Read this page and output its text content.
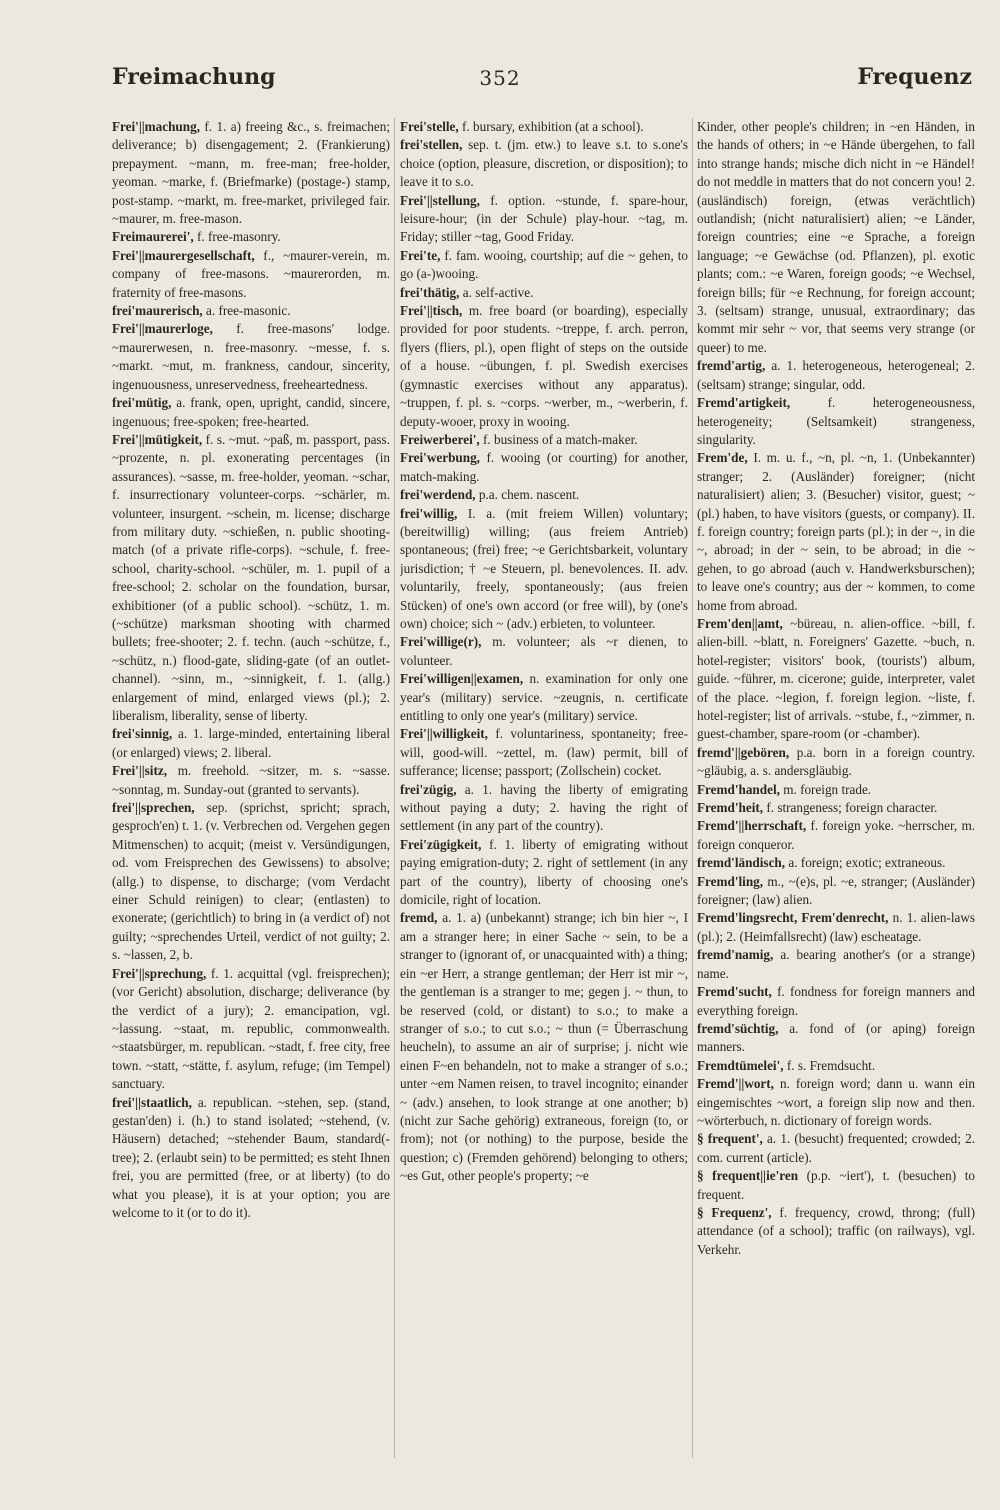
Freimachung	352	Frequenz

Frei'||machung, f. 1. a) freeing &c., s. freimachen; deliverance; b) disengagement; 2. (Frankierung) prepayment. ~mann, m. free-man; free-holder, yeoman. ~marke, f. (Briefmarke) (postage-) stamp, post-stamp. ~markt, m. free-market, privileged fair. ~maurer, m. free-mason.

Freimaurerei', f. free-masonry.

Frei'||maurergesellschaft, f., ~maurer-verein, m. company of free-masons. ~maurerorden, m. fraternity of free-masons.

frei'maurerisch, a. free-masonic.

Frei'||maurerloge, f. free-masons' lodge. ~maurerwesen, n. free-masonry. ~messe, f. s. ~markt. ~mut, m. frankness, candour, sincerity, ingenuousness, unreservedness, freeheartedness.

frei'mütig, a. frank, open, upright, candid, sincere, ingenuous; free-spoken; free-hearted.

Frei'||mütigkeit, f. s. ~mut. ~paß, m. passport, pass. ~prozente, n. pl. exonerating percentages (in assurances). ~sasse, m. free-holder, yeoman. ~schar, f. insurrectionary volunteer-corps. ~schärler, m. volunteer, insurgent. ~schein, m. license; discharge from military duty. ~schießen, n. public shooting-match (of a private rifle-corps). ~schule, f. free-school, charity-school. ~schüler, m. 1. pupil of a free-school; 2. scholar on the foundation, bursar, exhibitioner (of a public school). ~schütz, 1. m. (~schütze) marksman shooting with charmed bullets; free-shooter; 2. f. techn. (auch ~schütze, f., ~schütz, n.) flood-gate, sliding-gate (of an outlet-channel). ~sinn, m., ~sinnigkeit, f. 1. (allg.) enlargement of mind, enlarged views (pl.); 2. liberalism, liberality, sense of liberty.

frei'sinnig, a. 1. large-minded, entertaining liberal (or enlarged) views; 2. liberal.

Frei'||sitz, m. freehold. ~sitzer, m. s. ~sasse. ~sonntag, m. Sunday-out (granted to servants).

frei'||sprechen, sep. (sprichst, spricht; sprach, gesproch'en) t. 1. (v. Verbrechen od. Vergehen gegen Mitmenschen) to acquit; (meist v. Versündigungen, od. vom Freisprechen des Gewissens) to absolve; (allg.) to dispense, to discharge; (vom Verdacht einer Schuld reinigen) to clear; (entlasten) to exonerate; (gerichtlich) to bring in (a verdict of) not guilty; ~sprechendes Urteil, verdict of not guilty; 2. s. ~lassen, 2, b.

Frei'||sprechung, f. 1. acquittal (vgl. freisprechen); (vor Gericht) absolution, discharge; deliverance (by the verdict of a jury); 2. emancipation, vgl. ~lassung. ~staat, m. republic, commonwealth. ~staatsbürger, m. republican. ~stadt, f. free city, free town. ~statt, ~stätte, f. asylum, refuge; (im Tempel) sanctuary.

frei'||staatlich, a. republican. ~stehen, sep. (stand, gestan'den) i. (h.) to stand isolated; ~stehend, (v. Häusern) detached; ~stehender Baum, standard(-tree); 2. (erlaubt sein) to be permitted; es steht Ihnen frei, you are permitted (free, or at liberty) (to do what you please), it is at your option; you are welcome to it (or to do it).

Frei'stelle, f. bursary, exhibition (at a school).

frei'stellen, sep. t. (jm. etw.) to leave s.t. to s.one's choice (option, pleasure, discretion, or disposition); to leave it to s.o.

Frei'||stellung, f. option. ~stunde, f. spare-hour, leisure-hour; (in der Schule) play-hour. ~tag, m. Friday; stiller ~tag, Good Friday.

Frei'te, f. fam. wooing, courtship; auf die ~ gehen, to go (a-)wooing.

frei'thätig, a. self-active.

Frei'||tisch, m. free board (or boarding), especially provided for poor students. ~treppe, f. arch. perron, flyers (fliers, pl.), open flight of steps on the outside of a house. ~übungen, f. pl. Swedish exercises (gymnastic exercises without any apparatus). ~truppen, f. pl. s. ~corps. ~werber, m., ~werberin, f. deputy-wooer, proxy in wooing.

Freiwerberei', f. business of a match-maker.

Frei'werbung, f. wooing (or courting) for another, match-making.

frei'werdend, p.a. chem. nascent.

frei'willig, I. a. (mit freiem Willen) voluntary; (bereitwillig) willing; (aus freiem Antrieb) spontaneous; (frei) free; ~e Gerichtsbarkeit, voluntary jurisdiction; † ~e Steuern, pl. benevolences. II. adv. voluntarily, freely, spontaneously; (aus freien Stücken) of one's own accord (or free will), by (one's own) choice; sich ~ (adv.) erbieten, to volunteer.

Frei'willige(r), m. volunteer; als ~r dienen, to volunteer.

Frei'willigen||examen, n. examination for only one year's (military) service. ~zeugnis, n. certificate entitling to only one year's (military) service.

Frei'||willigkeit, f. voluntariness, spontaneity; free-will, good-will. ~zettel, m. (law) permit, bill of sufferance; license; passport; (Zollschein) cocket.

frei'zügig, a. 1. having the liberty of emigrating without paying a duty; 2. having the right of settlement (in any part of the country).

Frei'zügigkeit, f. 1. liberty of emigrating without paying emigration-duty; 2. right of settlement (in any part of the country), liberty of choosing one's domicile, right of location.

fremd, a. 1. a) (unbekannt) strange; ich bin hier ~, I am a stranger here; in einer Sache ~ sein, to be a stranger to (ignorant of, or unacquainted with) a thing; ein ~er Herr, a strange gentleman; der Herr ist mir ~, the gentleman is a stranger to me; gegen j. ~ thun, to be reserved (cold, or distant) to s.o.; to make a stranger of s.o.; to cut s.o.; ~ thun (= Überraschung heucheln), to assume an air of surprise; j. nicht wie einen F~en behandeln, not to make a stranger of s.o.; unter ~em Namen reisen, to travel incognito; einander ~ (adv.) ansehen, to look strange at one another; b) (nicht zur Sache gehörig) extraneous, foreign (to, or from); not (or nothing) to the purpose, beside the question; c) (Fremden gehörend) belonging to others; ~es Gut, other people's property; ~e

Kinder, other people's children; in ~en Händen, in the hands of others; in ~e Hände übergehen, to fall into strange hands; mische dich nicht in ~e Händel! do not meddle in matters that do not concern you! 2. (ausländisch) foreign, (etwas verächtlich) outlandish; (nicht naturalisiert) alien; ~e Länder, foreign countries; eine ~e Sprache, a foreign language; ~e Gewächse (od. Pflanzen), pl. exotic plants; com.: ~e Waren, foreign goods; ~e Wechsel, foreign bills; für ~e Rechnung, for foreign account; 3. (seltsam) strange, unusual, extraordinary; das kommt mir sehr ~ vor, that seems very strange (or queer) to me.

fremd'artig, a. 1. heterogeneous, heterogeneal; 2. (seltsam) strange; singular, odd.

Fremd'artigkeit, f. heterogeneousness, heterogeneity; (Seltsamkeit) strangeness, singularity.

Frem'de, I. m. u. f., ~n, pl. ~n, 1. (Unbekannter) stranger; 2. (Ausländer) foreigner; (nicht naturalisiert) alien; 3. (Besucher) visitor, guest; ~ (pl.) haben, to have visitors (guests, or company). II. f. foreign country; foreign parts (pl.); in der ~, in die ~, abroad; in der ~ sein, to be abroad; in die ~ gehen, to go abroad (auch v. Handwerksburschen); to leave one's country; aus der ~ kommen, to come home from abroad.

Frem'den||amt, ~büreau, n. alien-office. ~bill, f. alien-bill. ~blatt, n. Foreigners' Gazette. ~buch, n. hotel-register; visitors' book, (tourists') album, guide. ~führer, m. cicerone; guide, interpreter, valet of the place. ~legion, f. foreign legion. ~liste, f. hotel-register; list of arrivals. ~stube, f., ~zimmer, n. guest-chamber, spare-room (or -chamber).

fremd'||gebören, p.a. born in a foreign country. ~gläubig, a. s. andersgläubig.

Fremd'handel, m. foreign trade.

Fremd'heit, f. strangeness; foreign character.

Fremd'||herrschaft, f. foreign yoke. ~herrscher, m. foreign conqueror.

fremd'ländisch, a. foreign; exotic; extraneous.

Fremd'ling, m., ~(e)s, pl. ~e, stranger; (Ausländer) foreigner; (law) alien.

Fremd'lingsrecht, Frem'denrecht, n. 1. alien-laws (pl.); 2. (Heimfallsrecht) (law) escheatage.

fremd'namig, a. bearing another's (or a strange) name.

Fremd'sucht, f. fondness for foreign manners and everything foreign.

fremd'süchtig, a. fond of (or aping) foreign manners.

Fremdtümelei', f. s. Fremdsucht.

Fremd'||wort, n. foreign word; dann u. wann ein eingemischtes ~wort, a foreign slip now and then. ~wörterbuch, n. dictionary of foreign words.

§ frequent', a. 1. (besucht) frequented; crowded; 2. com. current (article).

§ frequent||ie'ren (p.p. ~iert'), t. (besuchen) to frequent.

§ Frequenz', f. frequency, crowd, throng; (full) attendance (of a school); traffic (on railways), vgl. Verkehr.
